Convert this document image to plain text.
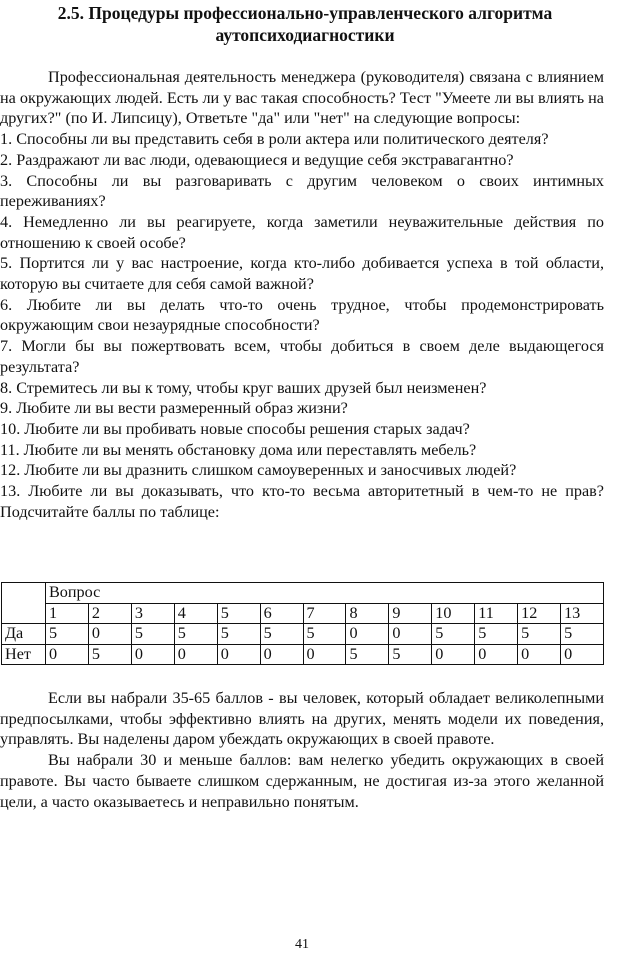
2.5. Процедуры профессионально-управленческого алгоритма
аутопсиходиагностики

Профессиональная деятельность менеджера (руководителя) связана с влиянием на окружающих людей. Есть ли у вас такая способность? Тест "Умеете ли вы влиять на других?" (по И. Липсицу), Ответьте "да" или "нет" на следующие вопросы:

1. Способны ли вы представить себя в роли актера или политического деятеля?
2. Раздражают ли вас люди, одевающиеся и ведущие себя экстравагантно?
3. Способны ли вы разговаривать с другим человеком о своих интимных переживаниях?
4. Немедленно ли вы реагируете, когда заметили неуважительные действия по отношению к своей особе?
5. Портится ли у вас настроение, когда кто-либо добивается успеха в той области, которую вы считаете для себя самой важной?
6. Любите ли вы делать что-то очень трудное, чтобы продемонстрировать окружающим свои незаурядные способности?
7. Могли бы вы пожертвовать всем, чтобы добиться в своем деле выдающегося результата?
8. Стремитесь ли вы к тому, чтобы круг ваших друзей был неизменен?
9. Любите ли вы вести размеренный образ жизни?
10. Любите ли вы пробивать новые способы решения старых задач?
11. Любите ли вы менять обстановку дома или переставлять мебель?
12. Любите ли вы дразнить слишком самоуверенных и заносчивых людей?
13. Любите ли вы доказывать, что кто-то весьма авторитетный в чем-то не прав? Подсчитайте баллы по таблице:
	Вопрос												
	1	2	3	4	5	6	7	8	9	10	11	12	13
Да	5	0	5	5	5	5	5	0	0	5	5	5	5
Нет	0	5	0	0	0	0	0	5	5	0	0	0	0

Если вы набрали 35-65 баллов - вы человек, который обладает великолепными предпосылками, чтобы эффективно влиять на других, менять модели их поведения, управлять. Вы наделены даром убеждать окружающих в своей правоте.

Вы набрали 30 и меньше баллов: вам нелегко убедить окружающих в своей правоте. Вы часто бываете слишком сдержанным, не достигая из-за этого желанной цели, а часто оказываетесь и неправильно понятым.

41
